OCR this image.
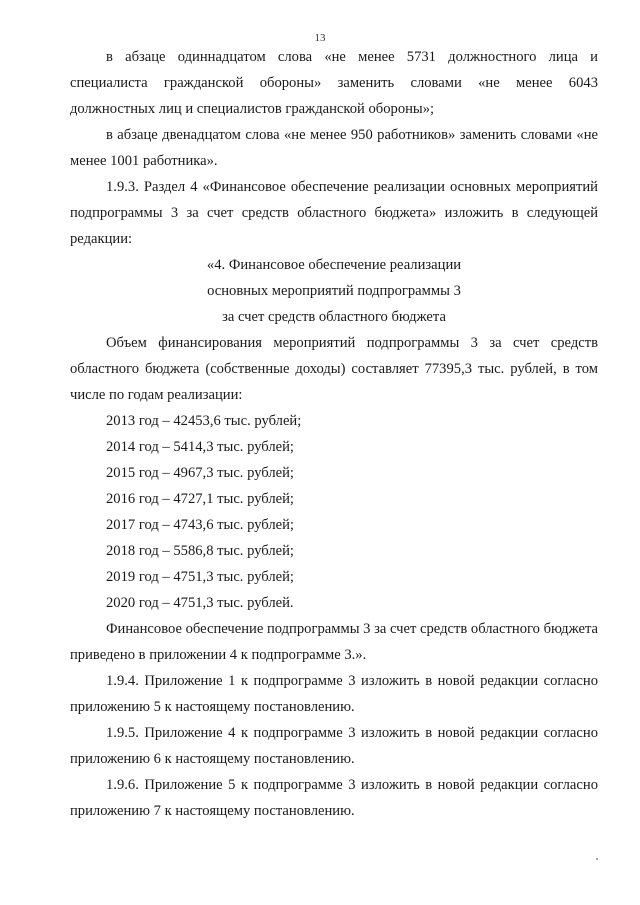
13

в абзаце одиннадцатом слова «не менее 5731 должностного лица и специалиста гражданской обороны» заменить словами «не менее 6043 должностных лиц и специалистов гражданской обороны»;

в абзаце двенадцатом слова «не менее 950 работников» заменить словами «не менее 1001 работника».

1.9.3. Раздел 4 «Финансовое обеспечение реализации основных мероприятий подпрограммы 3 за счет средств областного бюджета» изложить в следующей редакции:

«4. Финансовое обеспечение реализации

основных мероприятий подпрограммы 3

за счет средств областного бюджета

Объем финансирования мероприятий подпрограммы 3 за счет средств областного бюджета (собственные доходы) составляет 77395,3 тыс. рублей, в том числе по годам реализации:

2013 год – 42453,6 тыс. рублей;
2014 год – 5414,3 тыс. рублей;
2015 год – 4967,3 тыс. рублей;
2016 год – 4727,1 тыс. рублей;
2017 год – 4743,6 тыс. рублей;
2018 год – 5586,8 тыс. рублей;
2019 год – 4751,3 тыс. рублей;
2020 год – 4751,3 тыс. рублей.

Финансовое обеспечение подпрограммы 3 за счет средств областного бюджета приведено в приложении 4 к подпрограмме 3.».

1.9.4. Приложение 1 к подпрограмме 3 изложить в новой редакции согласно приложению 5 к настоящему постановлению.

1.9.5. Приложение 4 к подпрограмме 3 изложить в новой редакции согласно приложению 6 к настоящему постановлению.

1.9.6. Приложение 5 к подпрограмме 3 изложить в новой редакции согласно приложению 7 к настоящему постановлению.
